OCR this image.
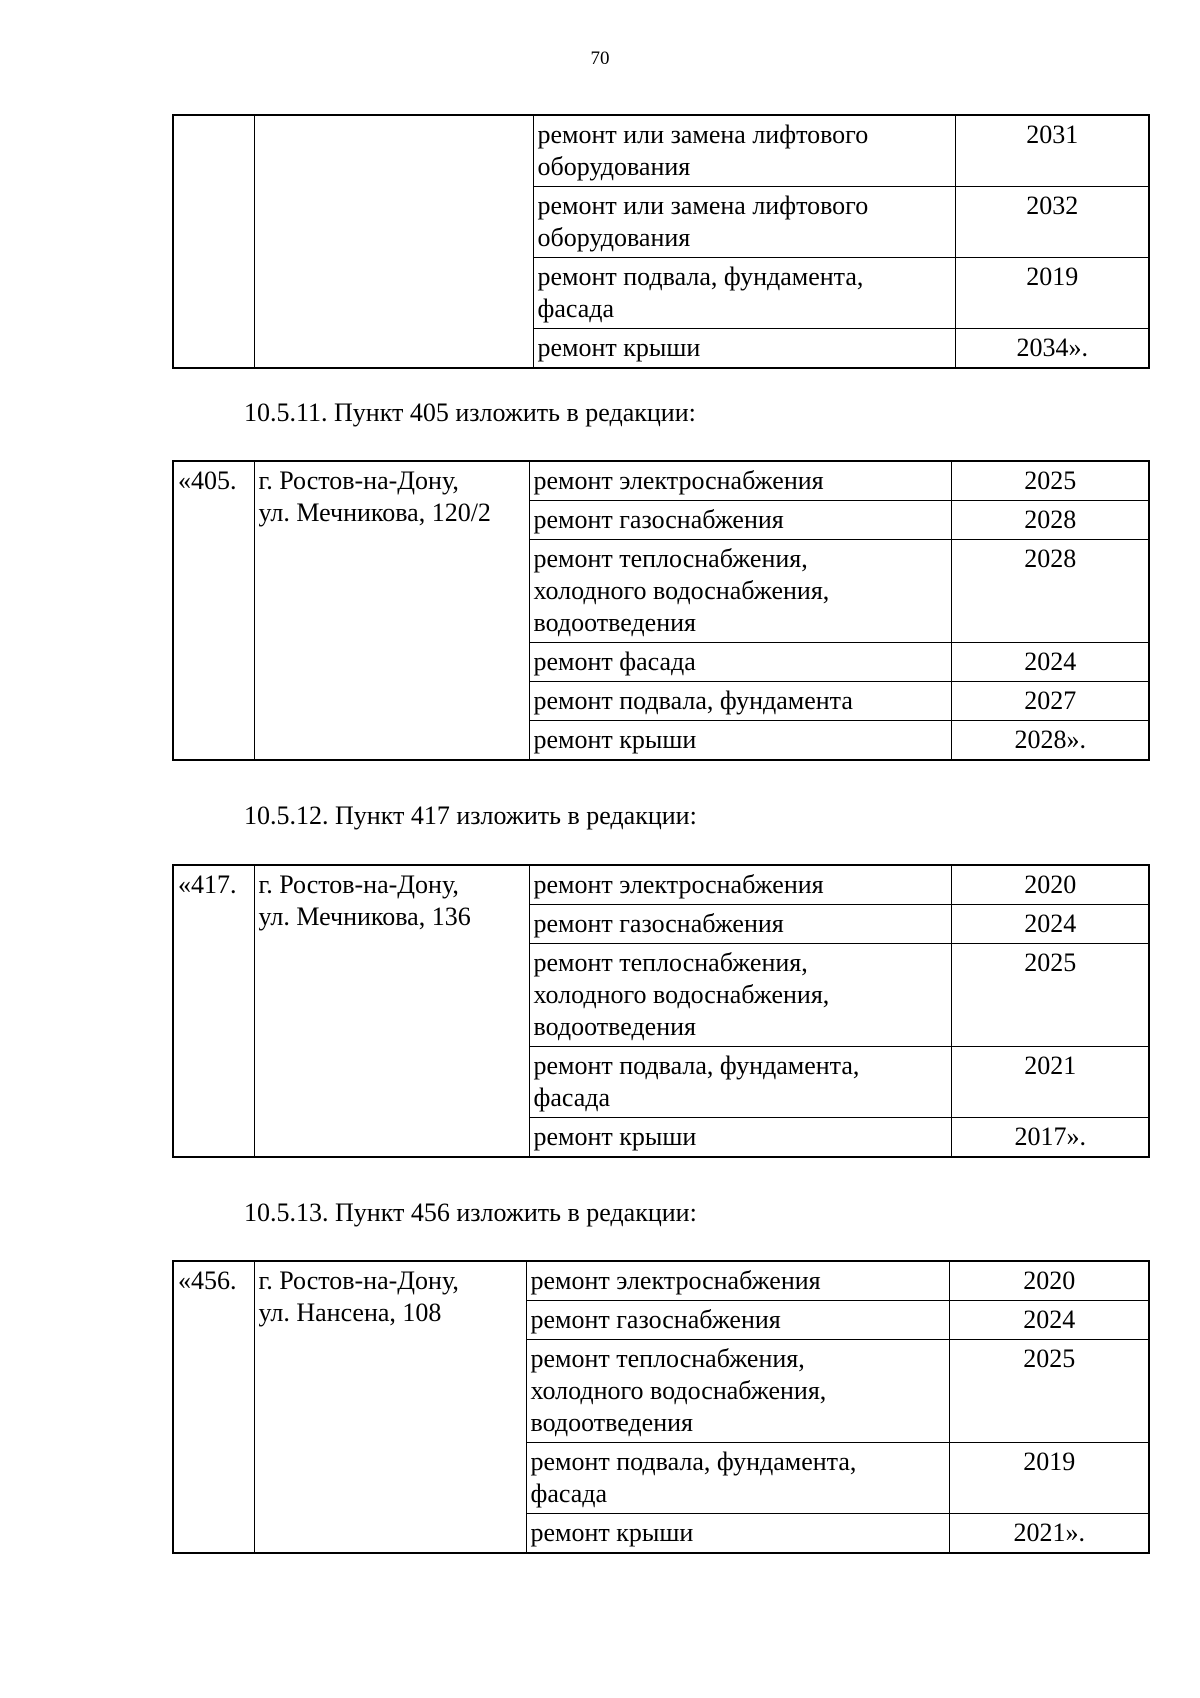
70

		ремонт или замена лифтового
оборудования	2031

		ремонт или замена лифтового
оборудования	2032

		ремонт подвала, фундамента,
фасада	2019

		ремонт крыши	2034».
10.5.11. Пункт 405 изложить в редакции:
«405.	г. Ростов-на-Дону,
ул. Мечникова, 120/2	ремонт электроснабжения	2025

		ремонт газоснабжения	2028

		ремонт теплоснабжения,
холодного водоснабжения,
водоотведения	2028

		ремонт фасада	2024

		ремонт подвала, фундамента	2027

		ремонт крыши	2028».
10.5.12. Пункт 417 изложить в редакции:
«417.	г. Ростов-на-Дону,
ул. Мечникова, 136	ремонт электроснабжения	2020

		ремонт газоснабжения	2024

		ремонт теплоснабжения,
холодного водоснабжения,
водоотведения	2025

		ремонт подвала, фундамента,
фасада	2021

		ремонт крыши	2017».
10.5.13. Пункт 456 изложить в редакции:
«456.	г. Ростов-на-Дону,
ул. Нансена, 108	ремонт электроснабжения	2020

		ремонт газоснабжения	2024

		ремонт теплоснабжения,
холодного водоснабжения,
водоотведения	2025

		ремонт подвала, фундамента,
фасада	2019

		ремонт крыши	2021».
